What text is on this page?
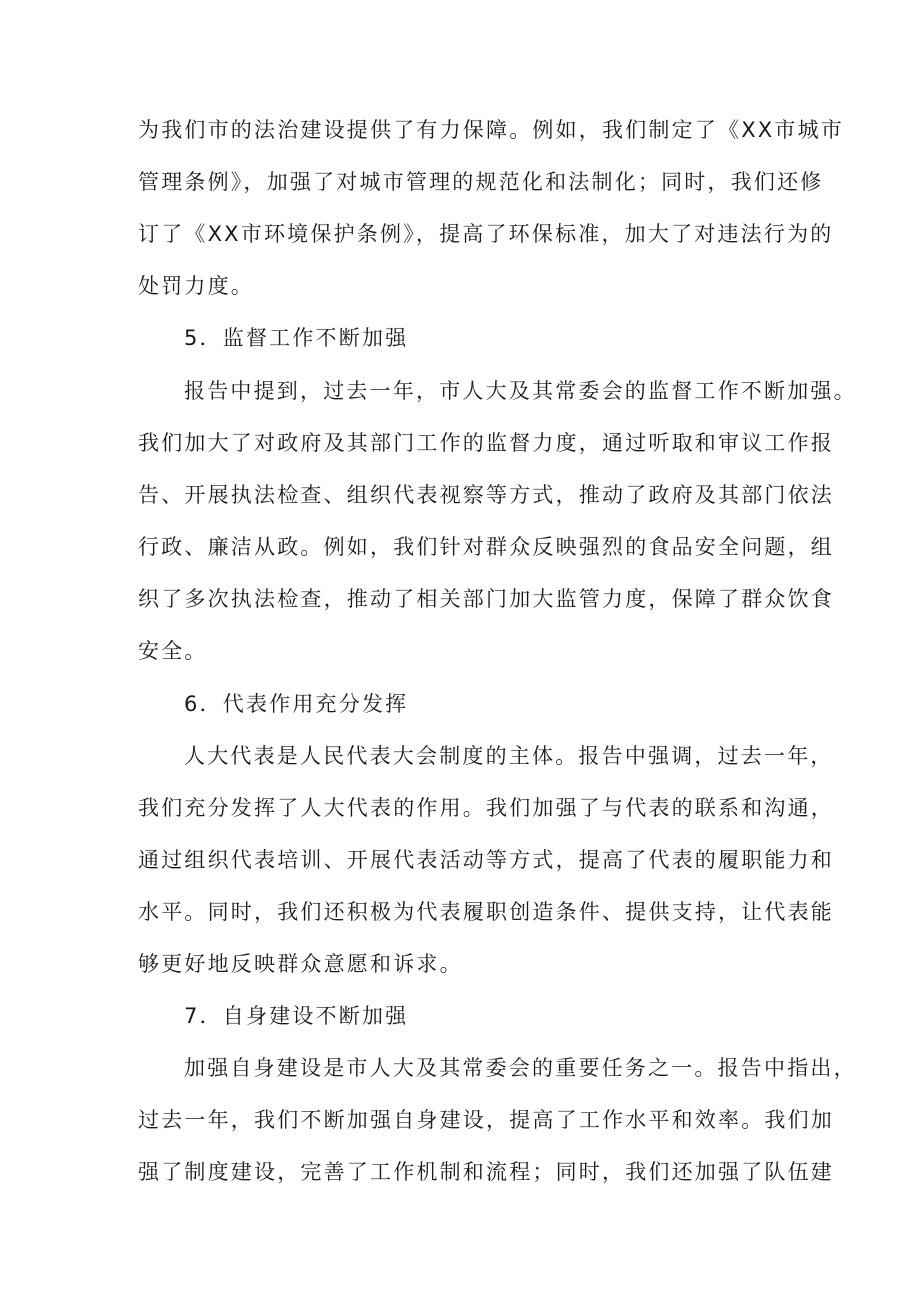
为我们市的法治建设提供了有力保障。例如，我们制定了《XX市城市
管理条例》，加强了对城市管理的规范化和法制化；同时，我们还修
订了《XX市环境保护条例》，提高了环保标准，加大了对违法行为的
处罚力度。
5．监督工作不断加强
报告中提到，过去一年，市人大及其常委会的监督工作不断加强。
我们加大了对政府及其部门工作的监督力度，通过听取和审议工作报
告、开展执法检查、组织代表视察等方式，推动了政府及其部门依法
行政、廉洁从政。例如，我们针对群众反映强烈的食品安全问题，组
织了多次执法检查，推动了相关部门加大监管力度，保障了群众饮食
安全。
6．代表作用充分发挥
人大代表是人民代表大会制度的主体。报告中强调，过去一年，
我们充分发挥了人大代表的作用。我们加强了与代表的联系和沟通，
通过组织代表培训、开展代表活动等方式，提高了代表的履职能力和
水平。同时，我们还积极为代表履职创造条件、提供支持，让代表能
够更好地反映群众意愿和诉求。
7．自身建设不断加强
加强自身建设是市人大及其常委会的重要任务之一。报告中指出，
过去一年，我们不断加强自身建设，提高了工作水平和效率。我们加
强了制度建设，完善了工作机制和流程；同时，我们还加强了队伍建
